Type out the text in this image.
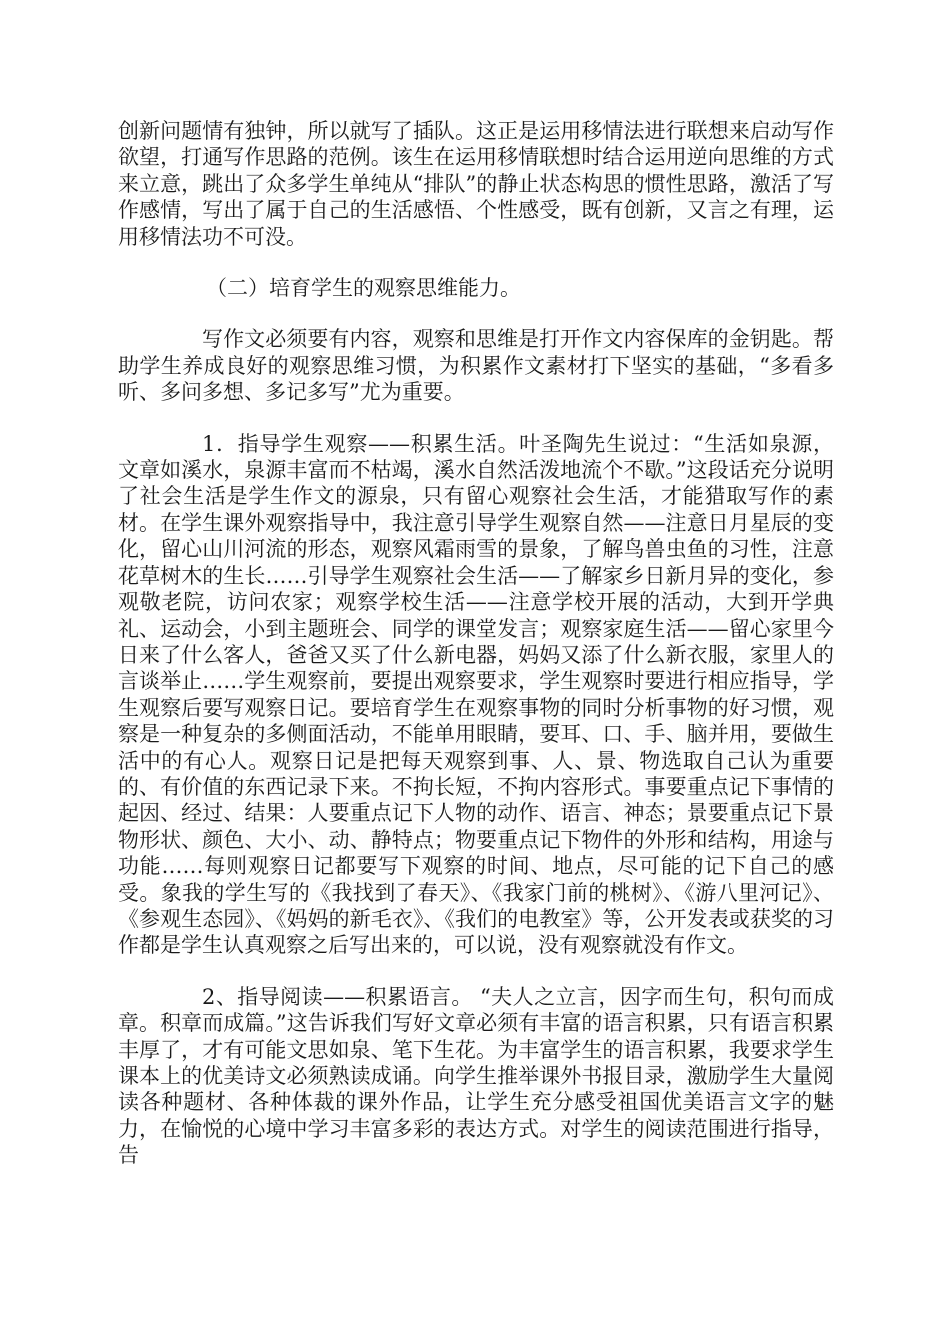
创新问题情有独钟，所以就写了插队。这正是运用移情法进行联想来启动写作欲望，打通写作思路的范例。该生在运用移情联想时结合运用逆向思维的方式来立意，跳出了众多学生单纯从“排队”的静止状态构思的惯性思路，激活了写作感情，写出了属于自己的生活感悟、个性感受，既有创新，又言之有理，运用移情法功不可没。

（二）培育学生的观察思维能力。

写作文必须要有内容，观察和思维是打开作文内容保库的金钥匙。帮助学生养成良好的观察思维习惯，为积累作文素材打下坚实的基础，“多看多听、多问多想、多记多写”尤为重要。

1．指导学生观察——积累生活。叶圣陶先生说过：“生活如泉源，文章如溪水，泉源丰富而不枯竭，溪水自然活泼地流个不歇。”这段话充分说明了社会生活是学生作文的源泉，只有留心观察社会生活，才能猎取写作的素材。在学生课外观察指导中，我注意引导学生观察自然——注意日月星辰的变化，留心山川河流的形态，观察风霜雨雪的景象，了解鸟兽虫鱼的习性，注意花草树木的生长……引导学生观察社会生活——了解家乡日新月异的变化，参观敬老院，访问农家；观察学校生活——注意学校开展的活动，大到开学典礼、运动会，小到主题班会、同学的课堂发言；观察家庭生活——留心家里今日来了什么客人，爸爸又买了什么新电器，妈妈又添了什么新衣服，家里人的言谈举止……学生观察前，要提出观察要求，学生观察时要进行相应指导，学生观察后要写观察日记。要培育学生在观察事物的同时分析事物的好习惯，观察是一种复杂的多侧面活动，不能单用眼睛，要耳、口、手、脑并用，要做生活中的有心人。观察日记是把每天观察到事、人、景、物选取自己认为重要的、有价值的东西记录下来。不拘长短，不拘内容形式。事要重点记下事情的起因、经过、结果：人要重点记下人物的动作、语言、神态；景要重点记下景物形状、颜色、大小、动、静特点；物要重点记下物件的外形和结构，用途与功能……每则观察日记都要写下观察的时间、地点，尽可能的记下自己的感受。象我的学生写的《我找到了春天》、《我家门前的桃树》、《游八里河记》、《参观生态园》、《妈妈的新毛衣》、《我们的电教室》等，公开发表或获奖的习作都是学生认真观察之后写出来的，可以说，没有观察就没有作文。

2、指导阅读——积累语言。 “夫人之立言，因字而生句，积句而成章。积章而成篇。”这告诉我们写好文章必须有丰富的语言积累，只有语言积累丰厚了，才有可能文思如泉、笔下生花。为丰富学生的语言积累，我要求学生课本上的优美诗文必须熟读成诵。向学生推举课外书报目录，激励学生大量阅读各种题材、各种体裁的课外作品，让学生充分感受祖国优美语言文字的魅力，在愉悦的心境中学习丰富多彩的表达方式。对学生的阅读范围进行指导，告
